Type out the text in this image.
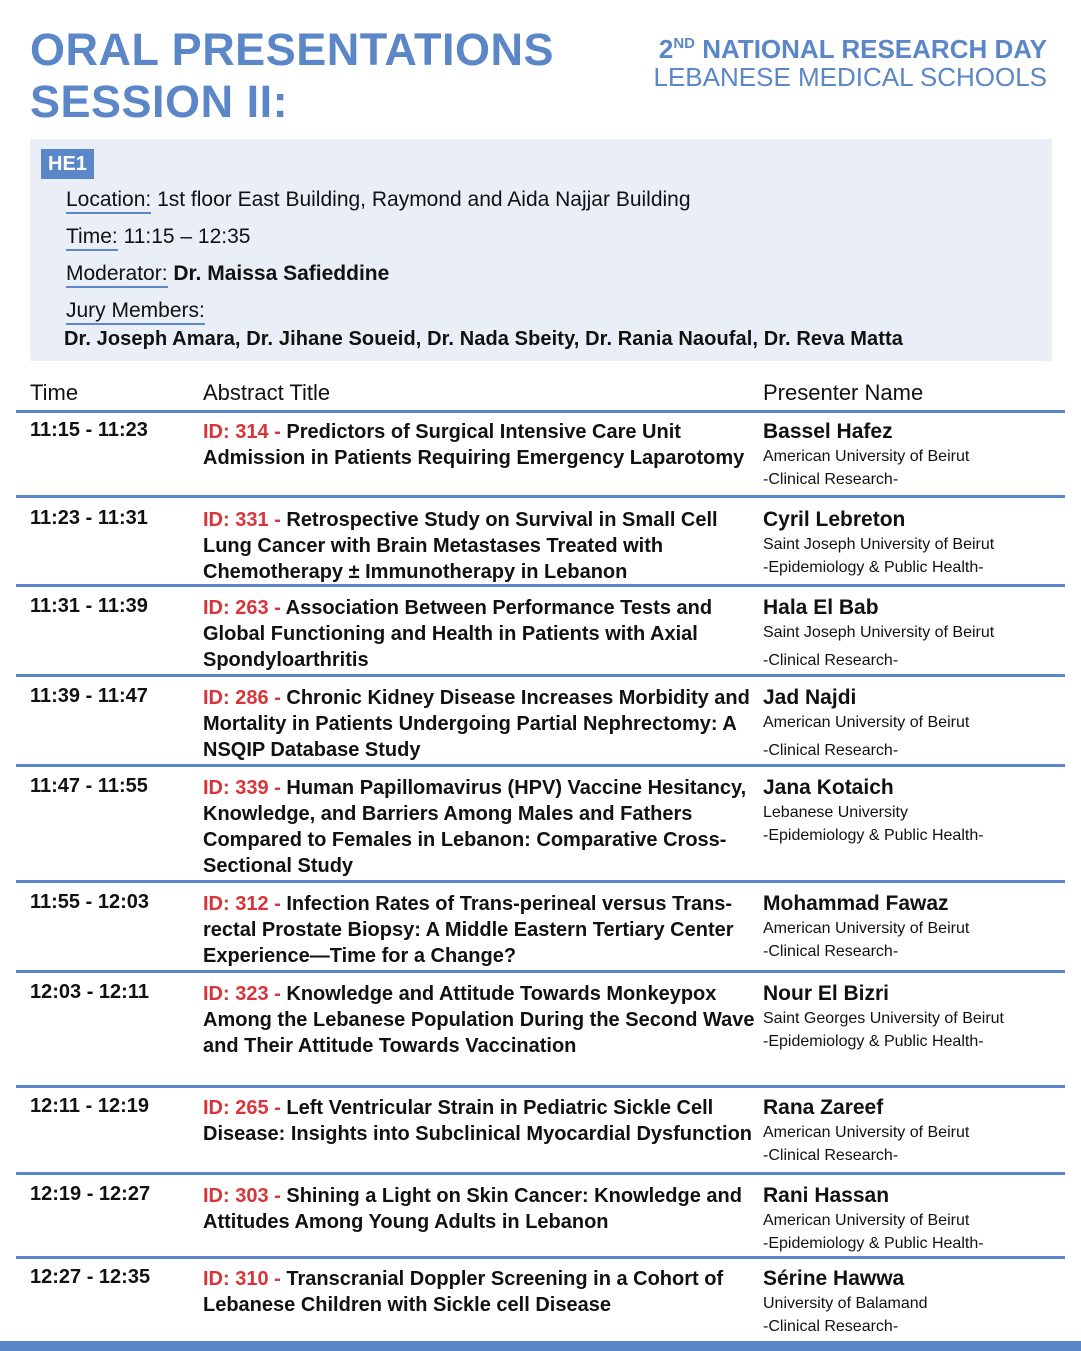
ORAL PRESENTATIONS
SESSION II:
2ND NATIONAL RESEARCH DAY
LEBANESE MEDICAL SCHOOLS
HE1
Location: 1st floor East Building, Raymond and Aida Najjar Building
Time: 11:15 – 12:35
Moderator: Dr. Maissa Safieddine
Jury Members:
Dr. Joseph Amara, Dr. Jihane Soueid, Dr. Nada Sbeity, Dr. Rania Naoufal, Dr. Reva Matta
Time	Abstract Title	Presenter Name
11:15 - 11:23	ID: 314 - Predictors of Surgical Intensive Care Unit Admission in Patients Requiring Emergency Laparotomy
Bassel Hafez
American University of Beirut
-Clinical Research-
11:23 - 11:31	ID: 331 - Retrospective Study on Survival in Small Cell Lung Cancer with Brain Metastases Treated with Chemotherapy ± Immunotherapy in Lebanon
Cyril Lebreton
Saint Joseph University of Beirut
-Epidemiology & Public Health-
11:31 - 11:39	ID: 263 - Association Between Performance Tests and Global Functioning and Health in Patients with Axial Spondyloarthritis
Hala El Bab
Saint Joseph University of Beirut
-Clinical Research-
11:39 - 11:47	ID: 286 - Chronic Kidney Disease Increases Morbidity and Mortality in Patients Undergoing Partial Nephrectomy: A NSQIP Database Study
Jad Najdi
American University of Beirut
-Clinical Research-
11:47 - 11:55	ID: 339 - Human Papillomavirus (HPV) Vaccine Hesitancy, Knowledge, and Barriers Among Males and Fathers Compared to Females in Lebanon: Comparative Cross-Sectional Study
Jana Kotaich
Lebanese University
-Epidemiology & Public Health-
11:55 - 12:03	ID: 312 - Infection Rates of Trans-perineal versus Trans-rectal Prostate Biopsy: A Middle Eastern Tertiary Center Experience—Time for a Change?
Mohammad Fawaz
American University of Beirut
-Clinical Research-
12:03 - 12:11	ID: 323 - Knowledge and Attitude Towards Monkeypox Among the Lebanese Population During the Second Wave and Their Attitude Towards Vaccination
Nour El Bizri
Saint Georges University of Beirut
-Epidemiology & Public Health-
12:11 - 12:19	ID: 265 - Left Ventricular Strain in Pediatric Sickle Cell Disease: Insights into Subclinical Myocardial Dysfunction
Rana Zareef
American University of Beirut
-Clinical Research-
12:19 - 12:27	ID: 303 - Shining a Light on Skin Cancer: Knowledge and Attitudes Among Young Adults in Lebanon
Rani Hassan
American University of Beirut
-Epidemiology & Public Health-
12:27 - 12:35	ID: 310 - Transcranial Doppler Screening in a Cohort of Lebanese Children with Sickle cell Disease
Sérine Hawwa
University of Balamand
-Clinical Research-
